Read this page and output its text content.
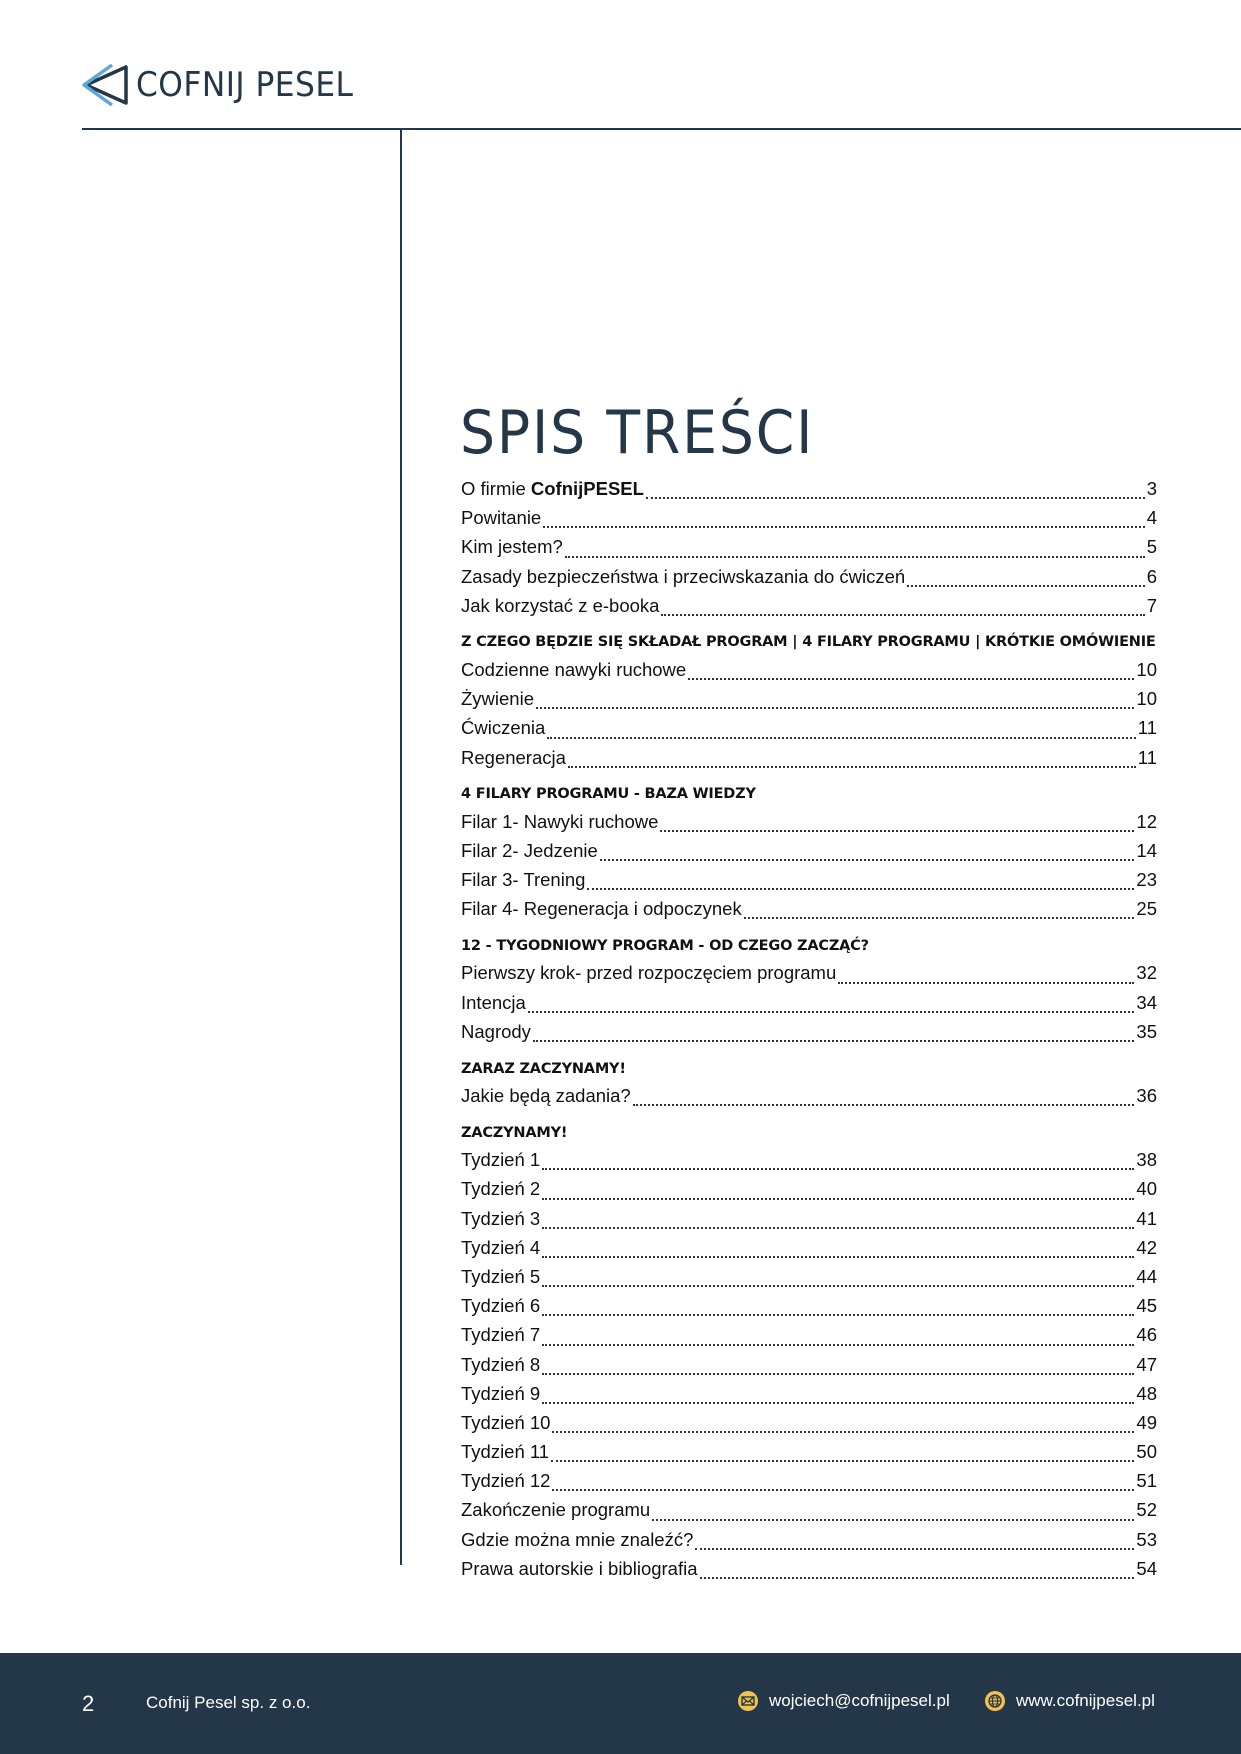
COFNIJ PESEL
SPIS TREŚCI
O firmie CofnijPESEL	3
Powitanie	4
Kim jestem?	5
Zasady bezpieczeństwa i przeciwskazania do ćwiczeń	6
Jak korzystać z e-booka	7
Z CZEGO BĘDZIE SIĘ SKŁADAŁ PROGRAM | 4 FILARY PROGRAMU | KRÓTKIE OMÓWIENIE
Codzienne nawyki ruchowe	10
Żywienie	10
Ćwiczenia	11
Regeneracja	11
4 FILARY PROGRAMU - BAZA WIEDZY
Filar 1- Nawyki ruchowe	12
Filar 2- Jedzenie	14
Filar 3- Trening	23
Filar 4- Regeneracja i odpoczynek	25
12 - TYGODNIOWY PROGRAM - OD CZEGO ZACZĄĆ?
Pierwszy krok- przed rozpoczęciem programu	32
Intencja	34
Nagrody	35
ZARAZ ZACZYNAMY!
Jakie będą zadania?	36
ZACZYNAMY!
Tydzień 1	38
Tydzień 2	40
Tydzień 3	41
Tydzień 4	42
Tydzień 5	44
Tydzień 6	45
Tydzień 7	46
Tydzień 8	47
Tydzień 9	48
Tydzień 10	49
Tydzień 11	50
Tydzień 12	51
Zakończenie programu	52
Gdzie można mnie znaleźć?	53
Prawa autorskie i bibliografia	54
2	Cofnij Pesel sp. z o.o.	wojciech@cofnijpesel.pl	www.cofnijpesel.pl
